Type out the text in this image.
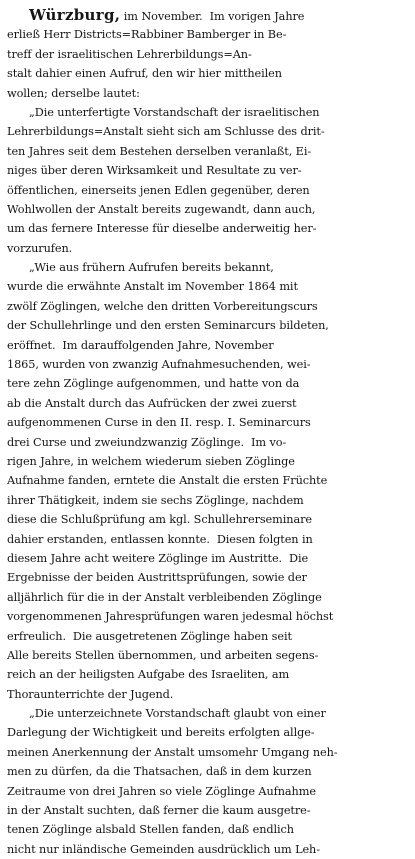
Würzburg, im November.  Im vorigen Jahre
erließ Herr Districts=Rabbiner Bamberger in Be-
treff der israelitischen Lehrerbildungs=An-
stalt dahier einen Aufruf, den wir hier mittheilen
wollen; derselbe lautet:
„Die unterfertigte Vorstandschaft der israelitischen
Lehrerbildungs=Anstalt sieht sich am Schlusse des drit-
ten Jahres seit dem Bestehen derselben veranlaßt, Ei-
niges über deren Wirksamkeit und Resultate zu ver-
öffentlichen, einerseits jenen Edlen gegenüber, deren
Wohlwollen der Anstalt bereits zugewandt, dann auch,
um das fernere Interesse für dieselbe anderweitig her-
vorzurufen.
„Wie aus frühern Aufrufen bereits bekannt,
wurde die erwähnte Anstalt im November 1864 mit
zwölf Zöglingen, welche den dritten Vorbereitungscurs
der Schullehrlinge und den ersten Seminarcurs bildeten,
eröffnet.  Im darauffolgenden Jahre, November
1865, wurden von zwanzig Aufnahmesuchenden, wei-
tere zehn Zöglinge aufgenommen, und hatte von da
ab die Anstalt durch das Aufrücken der zwei zuerst
aufgenommenen Curse in den II. resp. I. Seminarcurs
drei Curse und zweiundzwanzig Zöglinge.  Im vo-
rigen Jahre, in welchem wiederum sieben Zöglinge
Aufnahme fanden, erntete die Anstalt die ersten Früchte
ihrer Thätigkeit, indem sie sechs Zöglinge, nachdem
diese die Schlußprüfung am kgl. Schullehrerseminare
dahier erstanden, entlassen konnte.  Diesen folgten in
diesem Jahre acht weitere Zöglinge im Austritte.  Die
Ergebnisse der beiden Austrittsprüfungen, sowie der
alljährlich für die in der Anstalt verbleibenden Zöglinge
vorgenommenen Jahresprüfungen waren jedesmal höchst
erfreulich.  Die ausgetretenen Zöglinge haben seit
Alle bereits Stellen übernommen, und arbeiten segens-
reich an der heiligsten Aufgabe des Israeliten, am
Thoraunterrichte der Jugend.
„Die unterzeichnete Vorstandschaft glaubt von einer
Darlegung der Wichtigkeit und bereits erfolgten allge-
meinen Anerkennung der Anstalt umsomehr Umgang neh-
men zu dürfen, da die Thatsachen, daß in dem kurzen
Zeitraume von drei Jahren so viele Zöglinge Aufnahme
in der Anstalt suchten, daß ferner die kaum ausgetre-
tenen Zöglinge alsbald Stellen fanden, daß endlich
nicht nur inländische Gemeinden ausdrücklich um Leh-
